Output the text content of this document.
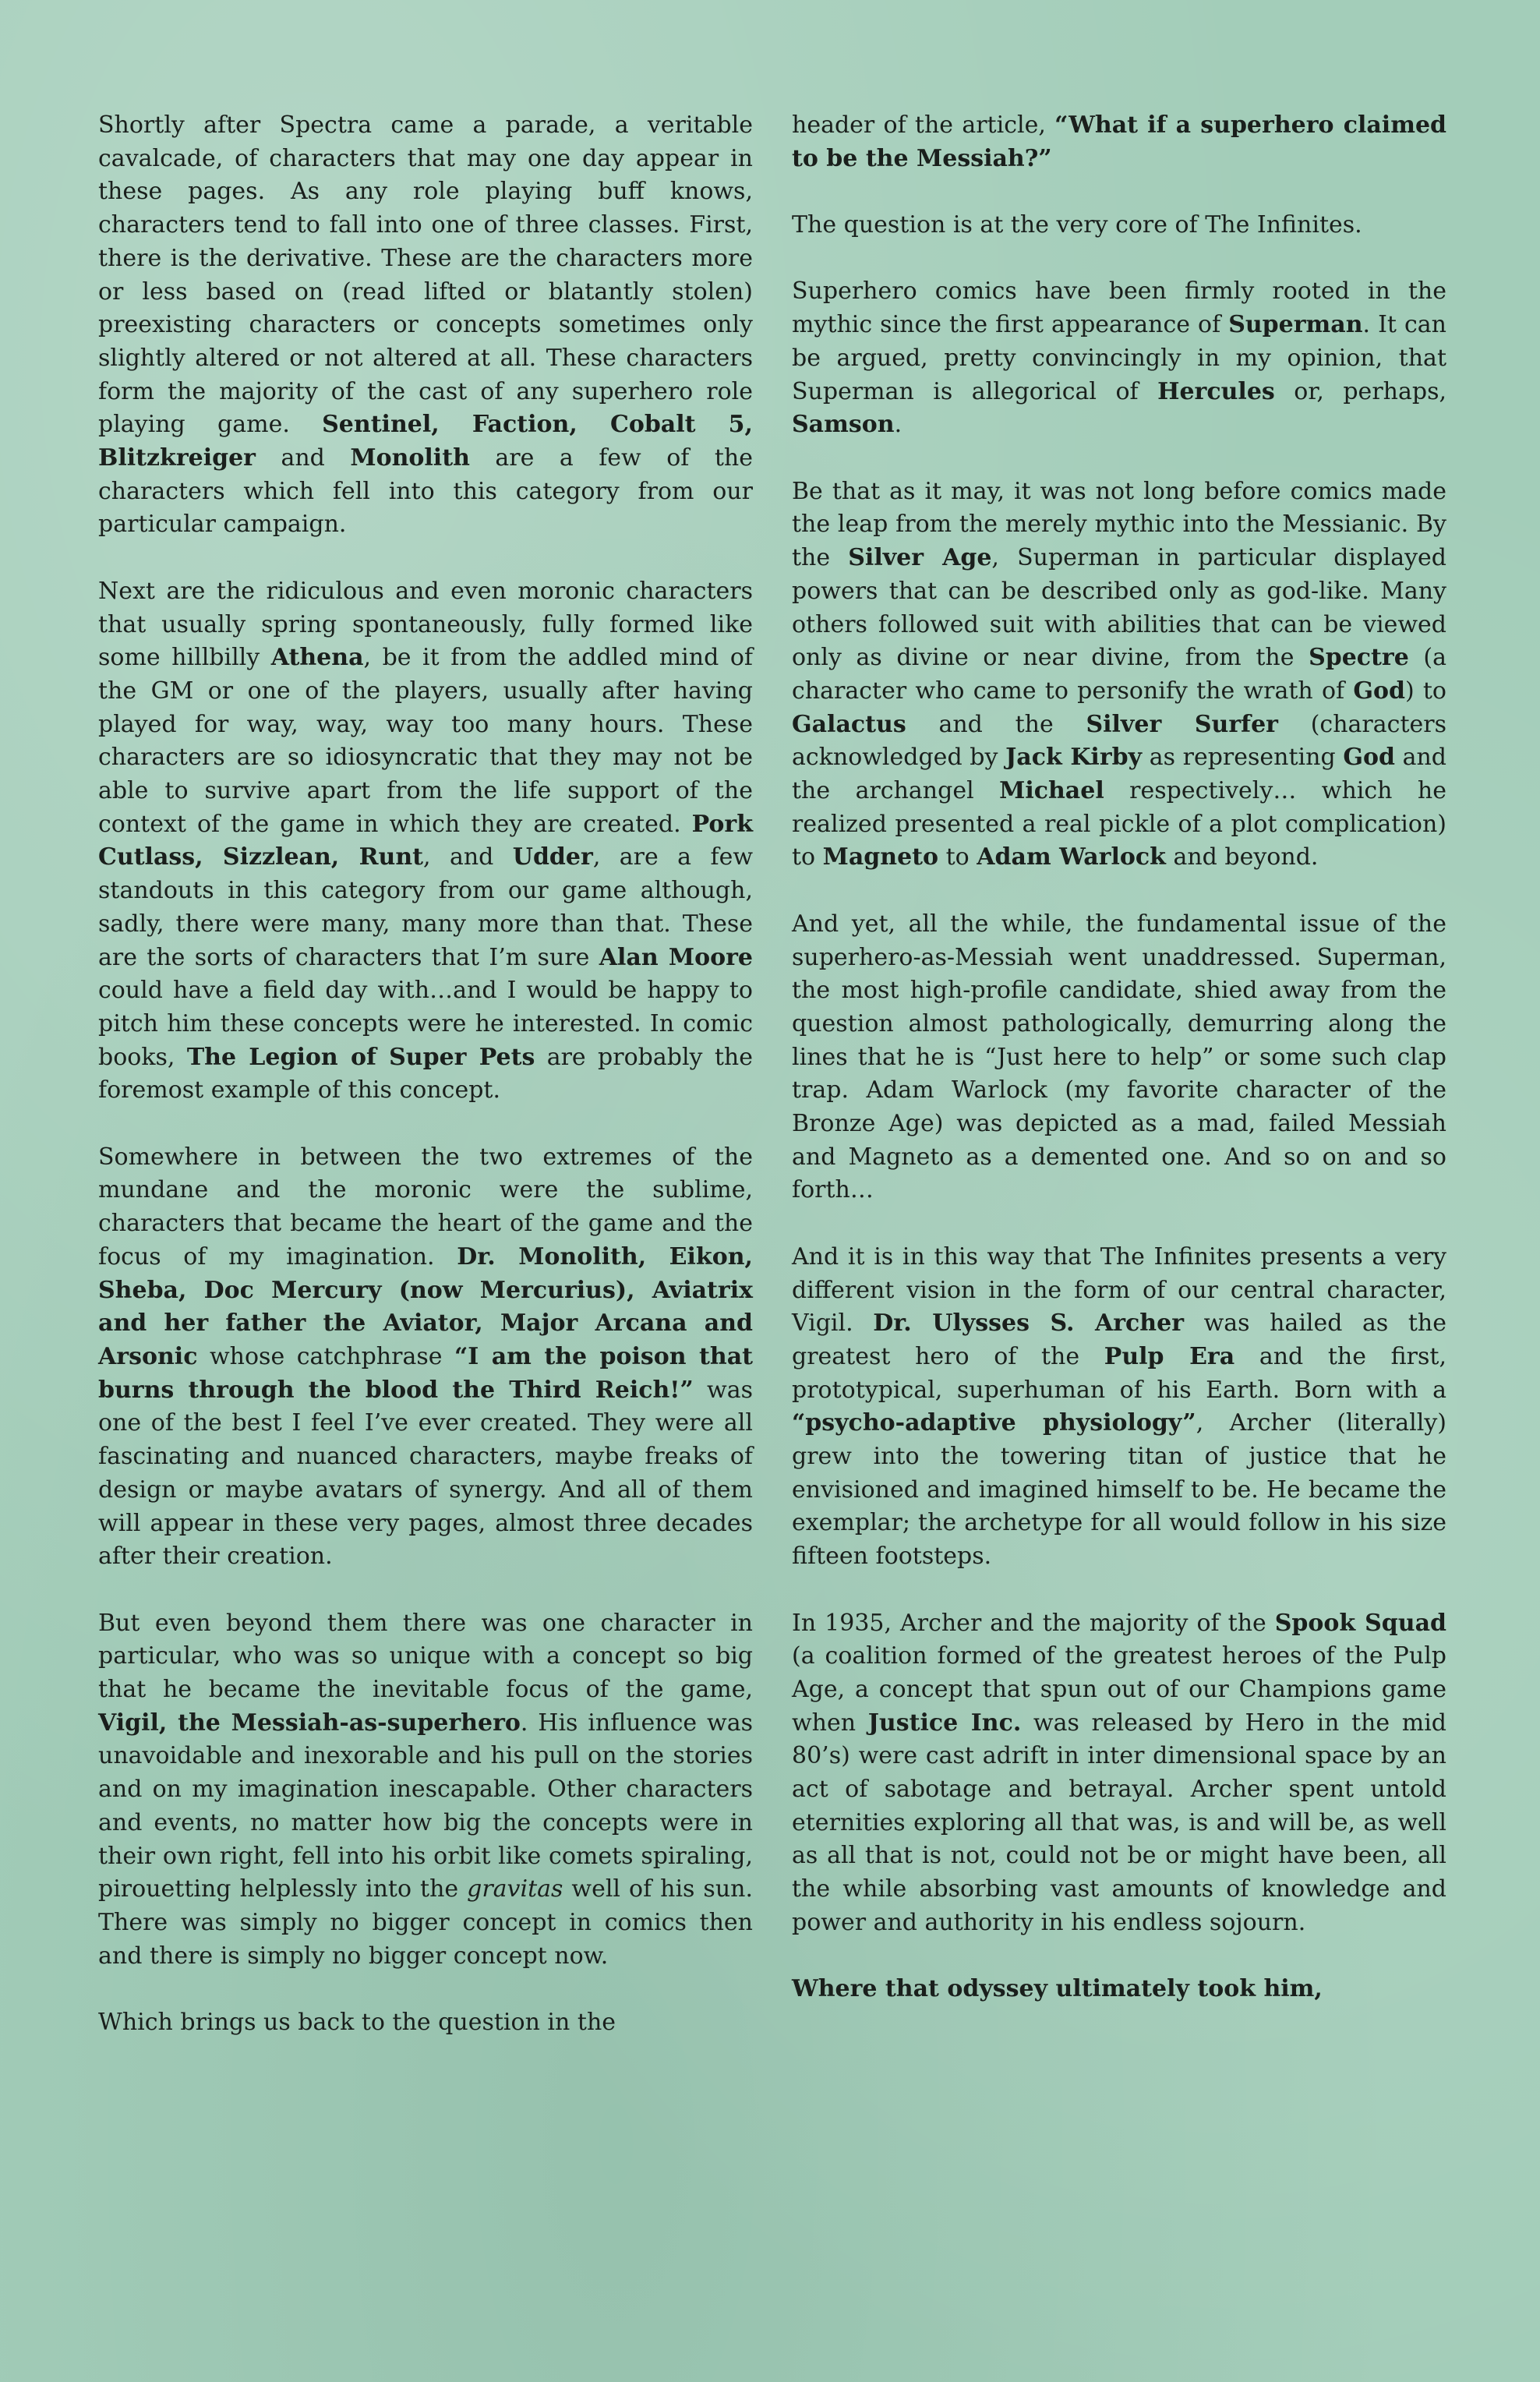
Shortly after Spectra came a parade, a veritable cavalcade, of characters that may one day appear in these pages. As any role playing buff knows, characters tend to fall into one of three classes. First, there is the derivative. These are the characters more or less based on (read lifted or blatantly stolen) preexisting characters or concepts sometimes only slightly altered or not altered at all. These characters form the majority of the cast of any superhero role playing game. Sentinel, Faction, Cobalt 5, Blitzkreiger and Monolith are a few of the characters which fell into this category from our particular campaign.

Next are the ridiculous and even moronic characters that usually spring spontaneously, fully formed like some hillbilly Athena, be it from the addled mind of the GM or one of the players, usually after having played for way, way, way too many hours. These characters are so idiosyncratic that they may not be able to survive apart from the life support of the context of the game in which they are created. Pork Cutlass, Sizzlean, Runt, and Udder, are a few standouts in this category from our game although, sadly, there were many, many more than that. These are the sorts of characters that I’m sure Alan Moore could have a field day with…and I would be happy to pitch him these concepts were he interested. In comic books, The Legion of Super Pets are probably the foremost example of this concept.

Somewhere in between the two extremes of the mundane and the moronic were the sublime, characters that became the heart of the game and the focus of my imagination. Dr. Monolith, Eikon, Sheba, Doc Mercury (now Mercurius), Aviatrix and her father the Aviator, Major Arcana and Arsonic whose catchphrase “I am the poison that burns through the blood the Third Reich!” was one of the best I feel I’ve ever created. They were all fascinating and nuanced characters, maybe freaks of design or maybe avatars of synergy. And all of them will appear in these very pages, almost three decades after their creation.

But even beyond them there was one character in particular, who was so unique with a concept so big that he became the inevitable focus of the game, Vigil, the Messiah-as-superhero. His influence was unavoidable and inexorable and his pull on the stories and on my imagination inescapable. Other characters and events, no matter how big the concepts were in their own right, fell into his orbit like comets spiraling, pirouetting helplessly into the gravitas well of his sun. There was simply no bigger concept in comics then and there is simply no bigger concept now.

Which brings us back to the question in the

header of the article, “What if a superhero claimed to be the Messiah?”

The question is at the very core of The Infinites.

Superhero comics have been firmly rooted in the mythic since the first appearance of Superman. It can be argued, pretty convincingly in my opinion, that Superman is allegorical of Hercules or, perhaps, Samson.

Be that as it may, it was not long before comics made the leap from the merely mythic into the Messianic. By the Silver Age, Superman in particular displayed powers that can be described only as god-like. Many others followed suit with abilities that can be viewed only as divine or near divine, from the Spectre (a character who came to personify the wrath of God) to Galactus and the Silver Surfer (characters acknowledged by Jack Kirby as representing God and the archangel Michael respectively… which he realized presented a real pickle of a plot complication) to Magneto to Adam Warlock and beyond.

And yet, all the while, the fundamental issue of the superhero-as-Messiah went unaddressed. Superman, the most high-profile candidate, shied away from the question almost pathologically, demurring along the lines that he is “Just here to help” or some such clap trap. Adam Warlock (my favorite character of the Bronze Age) was depicted as a mad, failed Messiah and Magneto as a demented one. And so on and so forth…

And it is in this way that The Infinites presents a very different vision in the form of our central character, Vigil. Dr. Ulysses S. Archer was hailed as the greatest hero of the Pulp Era and the first, prototypical, superhuman of his Earth. Born with a “psycho-adaptive physiology”, Archer (literally) grew into the towering titan of justice that he envisioned and imagined himself to be. He became the exemplar; the archetype for all would follow in his size fifteen footsteps.

In 1935, Archer and the majority of the Spook Squad (a coalition formed of the greatest heroes of the Pulp Age, a concept that spun out of our Champions game when Justice Inc. was released by Hero in the mid 80’s) were cast adrift in inter dimensional space by an act of sabotage and betrayal. Archer spent untold eternities exploring all that was, is and will be, as well as all that is not, could not be or might have been, all the while absorbing vast amounts of knowledge and power and authority in his endless sojourn.

Where that odyssey ultimately took him,
